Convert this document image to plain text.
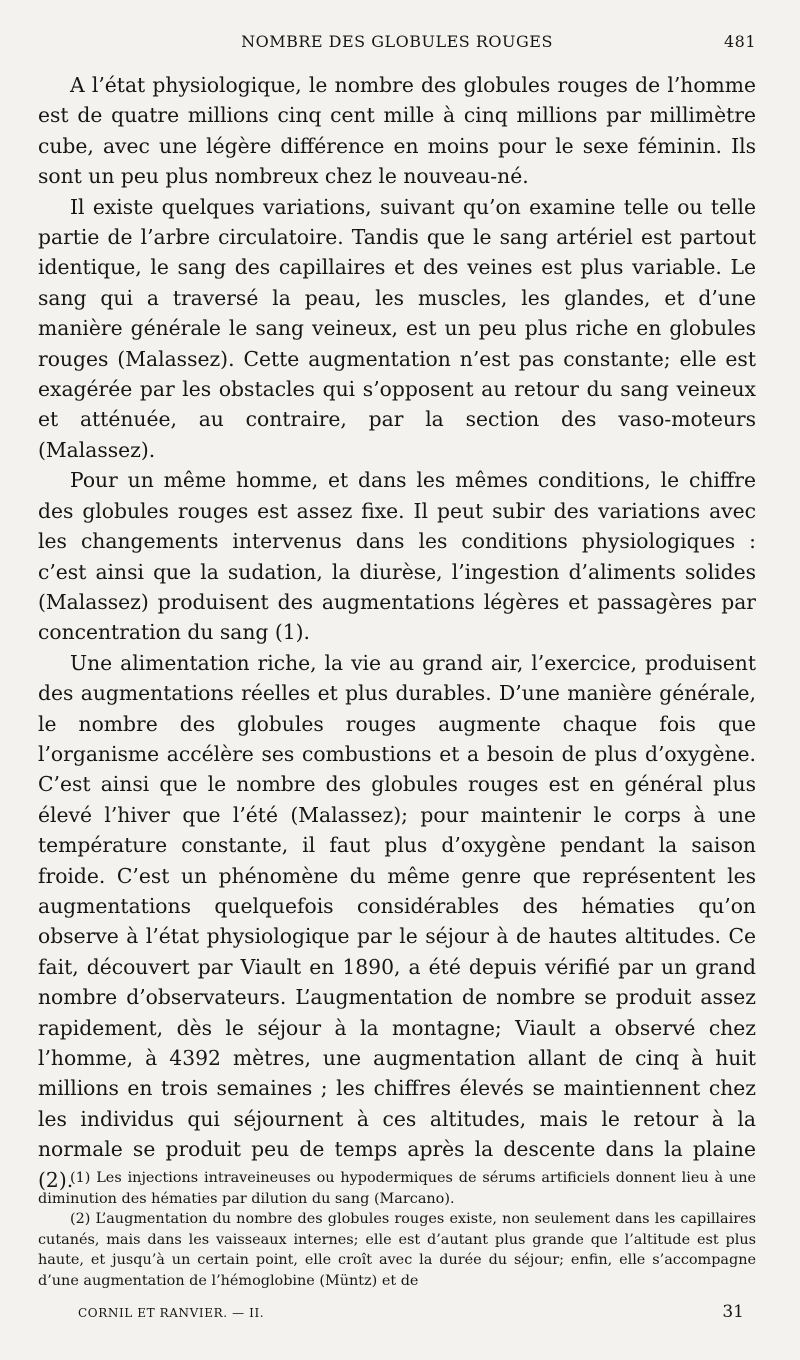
NOMBRE DES GLOBULES ROUGES	481

A l’état physiologique, le nombre des globules rouges de l’homme est de quatre millions cinq cent mille à cinq millions par millimètre cube, avec une légère différence en moins pour le sexe féminin. Ils sont un peu plus nombreux chez le nouveau-né.

Il existe quelques variations, suivant qu’on examine telle ou telle partie de l’arbre circulatoire. Tandis que le sang artériel est partout identique, le sang des capillaires et des veines est plus variable. Le sang qui a traversé la peau, les muscles, les glandes, et d’une manière générale le sang veineux, est un peu plus riche en globules rouges (Malassez). Cette augmentation n’est pas constante; elle est exagérée par les obstacles qui s’opposent au retour du sang veineux et atténuée, au contraire, par la section des vaso-moteurs (Malassez).

Pour un même homme, et dans les mêmes conditions, le chiffre des globules rouges est assez fixe. Il peut subir des variations avec les changements intervenus dans les conditions physiologiques : c’est ainsi que la sudation, la diurèse, l’ingestion d’aliments solides (Malassez) produisent des augmentations légères et passagères par concentration du sang (1).

Une alimentation riche, la vie au grand air, l’exercice, produisent des augmentations réelles et plus durables. D’une manière générale, le nombre des globules rouges augmente chaque fois que l’organisme accélère ses combustions et a besoin de plus d’oxygène. C’est ainsi que le nombre des globules rouges est en général plus élevé l’hiver que l’été (Malassez); pour maintenir le corps à une température constante, il faut plus d’oxygène pendant la saison froide. C’est un phénomène du même genre que représentent les augmentations quelquefois considérables des hématies qu’on observe à l’état physiologique par le séjour à de hautes altitudes. Ce fait, découvert par Viault en 1890, a été depuis vérifié par un grand nombre d’observateurs. L’augmentation de nombre se produit assez rapidement, dès le séjour à la montagne; Viault a observé chez l’homme, à 4392 mètres, une augmentation allant de cinq à huit millions en trois semaines ; les chiffres élevés se maintiennent chez les individus qui séjournent à ces altitudes, mais le retour à la normale se produit peu de temps après la descente dans la plaine (2).

(1) Les injections intraveineuses ou hypodermiques de sérums artificiels donnent lieu à une diminution des hématies par dilution du sang (Marcano).

(2) L’augmentation du nombre des globules rouges existe, non seulement dans les capillaires cutanés, mais dans les vaisseaux internes; elle est d’autant plus grande que l’altitude est plus haute, et jusqu’à un certain point, elle croît avec la durée du séjour; enfin, elle s’accompagne d’une augmentation de l’hémoglobine (Müntz) et de

CORNIL ET RANVIER. — II.	31
